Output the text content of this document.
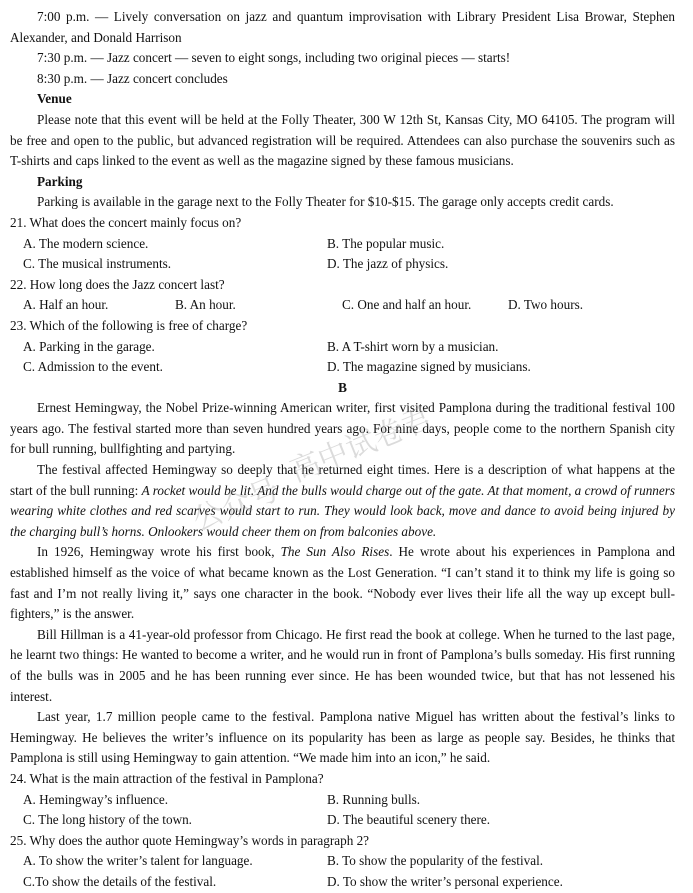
7:00 p.m. — Lively conversation on jazz and quantum improvisation with Library President Lisa Browar, Stephen Alexander, and Donald Harrison

7:30 p.m. — Jazz concert — seven to eight songs, including two original pieces — starts!

8:30 p.m. — Jazz concert concludes

Venue

Please note that this event will be held at the Folly Theater, 300 W 12th St, Kansas City, MO 64105. The program will be free and open to the public, but advanced registration will be required. Attendees can also purchase the souvenirs such as T-shirts and caps linked to the event as well as the magazine signed by these famous musicians.

Parking

Parking is available in the garage next to the Folly Theater for $10-$15. The garage only accepts credit cards.

21. What does the concert mainly focus on?
A. The modern science.	B. The popular music.
C. The musical instruments.	D. The jazz of physics.
22. How long does the Jazz concert last?
A. Half an hour.	B. An hour.	C. One and half an hour.	D. Two hours.
23. Which of the following is free of charge?
A. Parking in the garage.	B. A T-shirt worn by a musician.
C. Admission to the event.	D. The magazine signed by musicians.
B

Ernest Hemingway, the Nobel Prize-winning American writer, first visited Pamplona during the traditional festival 100 years ago. The festival started more than seven hundred years ago. For nine days, people come to the northern Spanish city for bull running, bullfighting and partying.

The festival affected Hemingway so deeply that he returned eight times. Here is a description of what happens at the start of the bull running: A rocket would be lit. And the bulls would charge out of the gate. At that moment, a crowd of runners wearing white clothes and red scarves would start to run. They would look back, move and dance to avoid being injured by the charging bull’s horns. Onlookers would cheer them on from balconies above.

In 1926, Hemingway wrote his first book, The Sun Also Rises. He wrote about his experiences in Pamplona and established himself as the voice of what became known as the Lost Generation. “I can’t stand it to think my life is going so fast and I’m not really living it,” says one character in the book. “Nobody ever lives their life all the way up except bull-fighters,” is the answer.

Bill Hillman is a 41-year-old professor from Chicago. He first read the book at college. When he turned to the last page, he learnt two things: He wanted to become a writer, and he would run in front of Pamplona’s bulls someday. His first running of the bulls was in 2005 and he has been running ever since. He has been wounded twice, but that has not lessened his interest.

Last year, 1.7 million people came to the festival. Pamplona native Miguel has written about the festival’s links to Hemingway. He believes the writer’s influence on its popularity has been as large as people say. Besides, he thinks that Pamplona is still using Hemingway to gain attention. “We made him into an icon,” he said.

24. What is the main attraction of the festival in Pamplona?
A. Hemingway’s influence.	B. Running bulls.
C. The long history of the town.	D. The beautiful scenery there.
25. Why does the author quote Hemingway’s words in paragraph 2?
A. To show the writer’s talent for language.	B. To show the popularity of the festival.
C.To show the details of the festival.	D. To show the writer’s personal experience.
公众号
高中试卷君
